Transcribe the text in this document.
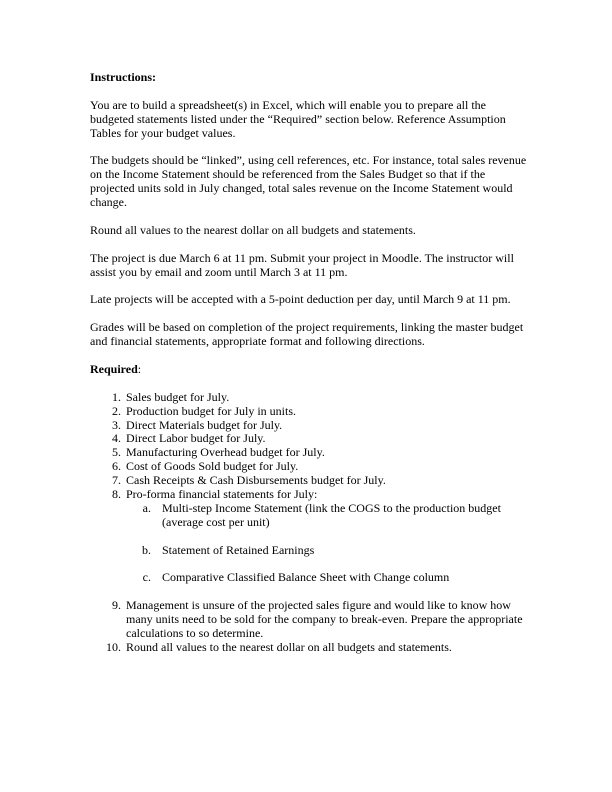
Instructions:

You are to build a spreadsheet(s) in Excel, which will enable you to prepare all the budgeted statements listed under the “Required” section below. Reference Assumption Tables for your budget values.

The budgets should be “linked”, using cell references, etc. For instance, total sales revenue on the Income Statement should be referenced from the Sales Budget so that if the projected units sold in July changed, total sales revenue on the Income Statement would change.

Round all values to the nearest dollar on all budgets and statements.

The project is due March 6 at 11 pm. Submit your project in Moodle. The instructor will assist you by email and zoom until March 3 at 11 pm.

Late projects will be accepted with a 5-point deduction per day, until March 9 at 11 pm.

Grades will be based on completion of the project requirements, linking the master budget and financial statements, appropriate format and following directions.

Required:
1. Sales budget for July.
2. Production budget for July in units.
3. Direct Materials budget for July.
4. Direct Labor budget for July.
5. Manufacturing Overhead budget for July.
6. Cost of Goods Sold budget for July.
7. Cash Receipts & Cash Disbursements budget for July.
8. Pro-forma financial statements for July:
a. Multi-step Income Statement (link the COGS to the production budget (average cost per unit)
b. Statement of Retained Earnings
c. Comparative Classified Balance Sheet with Change column
9. Management is unsure of the projected sales figure and would like to know how many units need to be sold for the company to break-even. Prepare the appropriate calculations to so determine.
10. Round all values to the nearest dollar on all budgets and statements.
